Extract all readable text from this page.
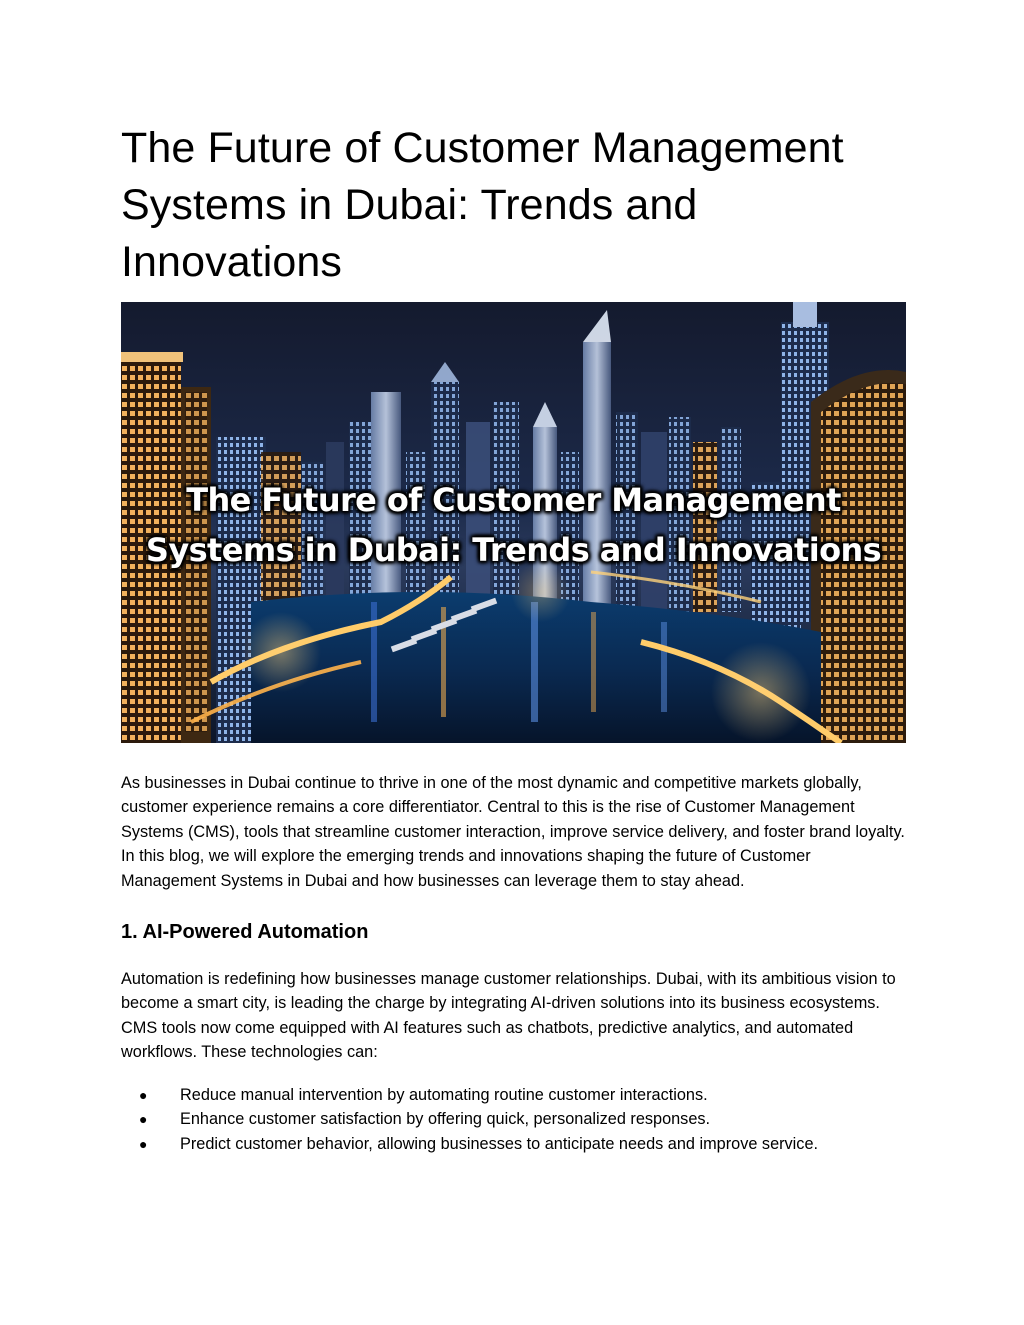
The Future of Customer Management
Systems in Dubai: Trends and
Innovations
The Future of Customer Management
Systems in Dubai: Trends and Innovations

As businesses in Dubai continue to thrive in one of the most dynamic and competitive markets globally, customer experience remains a core differentiator. Central to this is the rise of Customer Management Systems (CMS), tools that streamline customer interaction, improve service delivery, and foster brand loyalty. In this blog, we will explore the emerging trends and innovations shaping the future of Customer Management Systems in Dubai and how businesses can leverage them to stay ahead.

1. AI-Powered Automation

Automation is redefining how businesses manage customer relationships. Dubai, with its ambitious vision to become a smart city, is leading the charge by integrating AI-driven solutions into its business ecosystems. CMS tools now come equipped with AI features such as chatbots, predictive analytics, and automated workflows. These technologies can:

● Reduce manual intervention by automating routine customer interactions.
● Enhance customer satisfaction by offering quick, personalized responses.
● Predict customer behavior, allowing businesses to anticipate needs and improve service.
